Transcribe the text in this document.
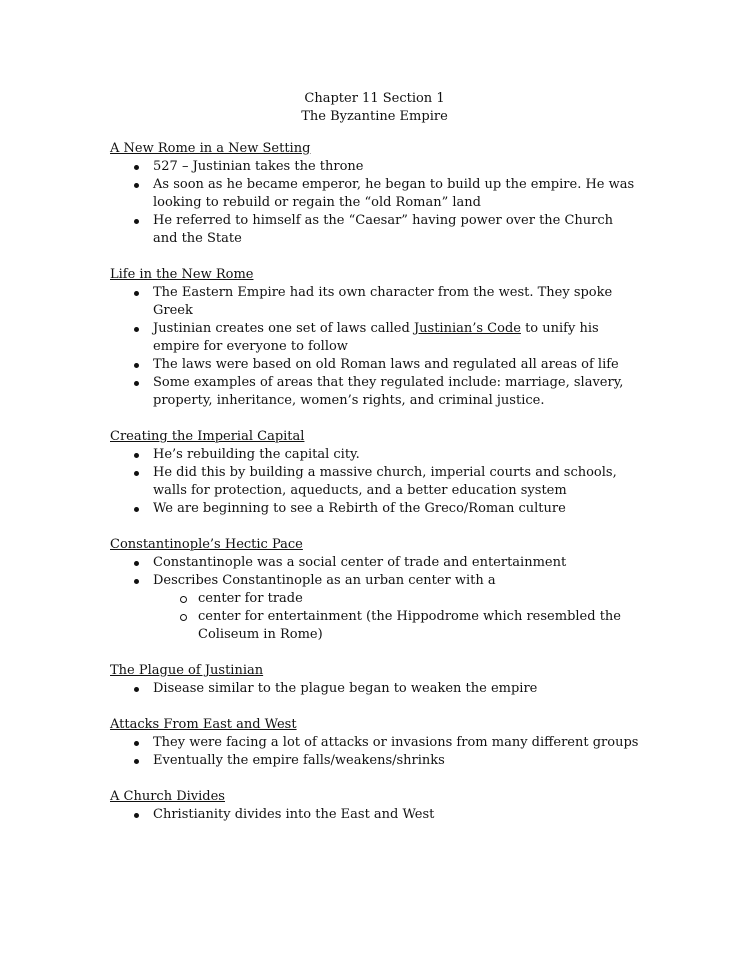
Chapter 11 Section 1
The Byzantine Empire
A New Rome in a New Setting
527 – Justinian takes the throne
As soon as he became emperor, he began to build up the empire. He was looking to rebuild or regain the “old Roman” land
He referred to himself as the “Caesar” having power over the Church and the State
Life in the New Rome
The Eastern Empire had its own character from the west. They spoke Greek
Justinian creates one set of laws called Justinian’s Code to unify his empire for everyone to follow
The laws were based on old Roman laws and regulated all areas of life
Some examples of areas that they regulated include: marriage, slavery, property, inheritance, women’s rights, and criminal justice.
Creating the Imperial Capital
He’s rebuilding the capital city.
He did this by building a massive church, imperial courts and schools, walls for protection, aqueducts, and a better education system
We are beginning to see a Rebirth of the Greco/Roman culture
Constantinople’s Hectic Pace
Constantinople was a social center of trade and entertainment
Describes Constantinople as an urban center with a
center for trade
center for entertainment (the Hippodrome which resembled the Coliseum in Rome)
The Plague of Justinian
Disease similar to the plague began to weaken the empire
Attacks From East and West
They were facing a lot of attacks or invasions from many different groups
Eventually the empire falls/weakens/shrinks
A Church Divides
Christianity divides into the East and West
